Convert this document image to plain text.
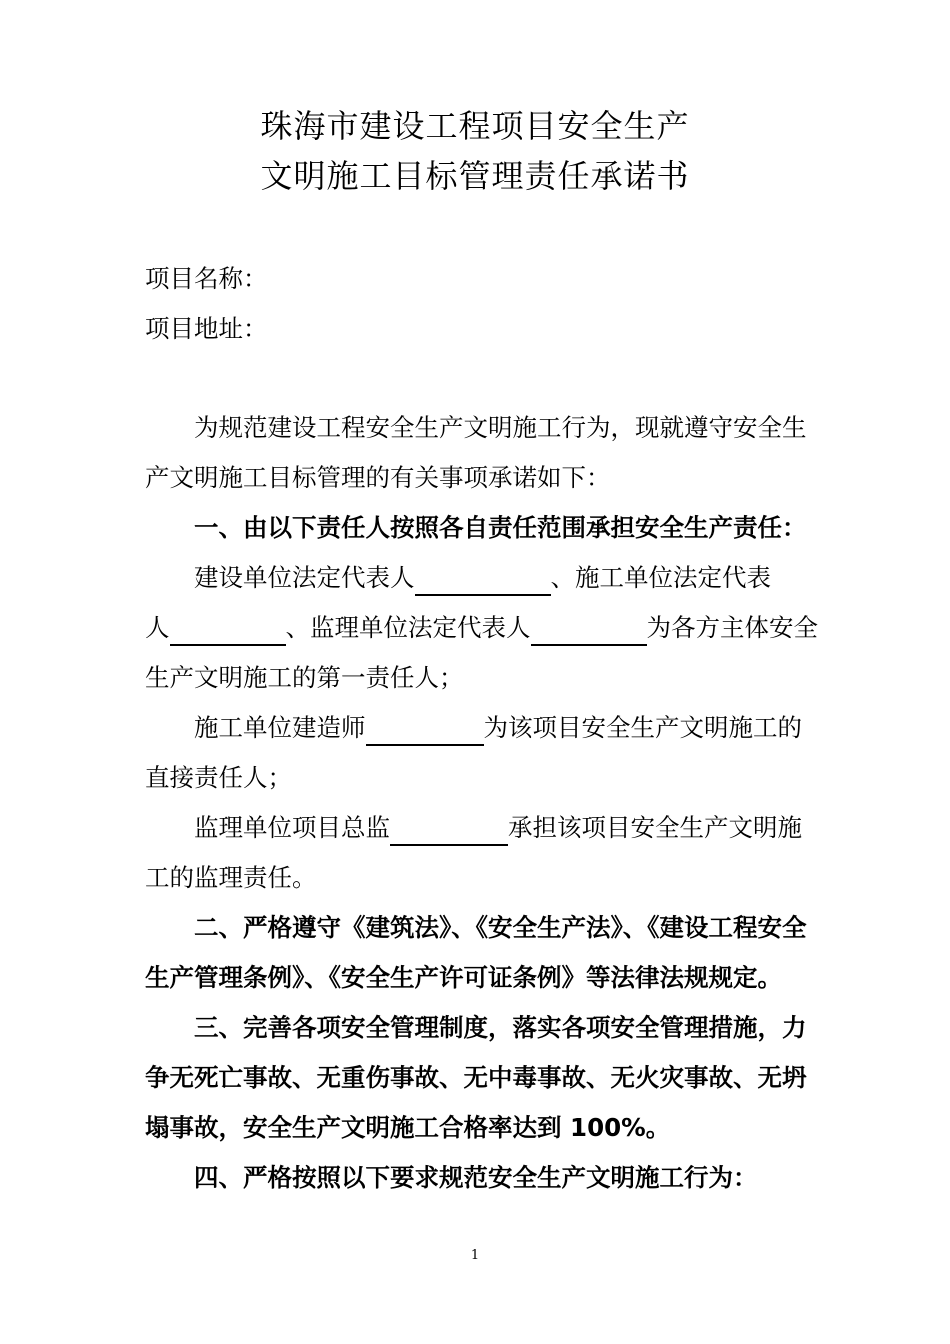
珠海市建设工程项目安全生产
文明施工目标管理责任承诺书
项目名称：
项目地址：
为规范建设工程安全生产文明施工行为，现就遵守安全生
产文明施工目标管理的有关事项承诺如下：
一、由以下责任人按照各自责任范围承担安全生产责任：
建设单位法定代表人	、施工单位法定代表
人	、监理单位法定代表人	为各方主体安全
生产文明施工的第一责任人；
施工单位建造师	为该项目安全生产文明施工的
直接责任人；
监理单位项目总监	承担该项目安全生产文明施
工的监理责任。
二、严格遵守《建筑法》、《安全生产法》、《建设工程安全
生产管理条例》、《安全生产许可证条例》等法律法规规定。
三、完善各项安全管理制度，落实各项安全管理措施，力
争无死亡事故、无重伤事故、无中毒事故、无火灾事故、无坍
塌事故，安全生产文明施工合格率达到 100%。
四、严格按照以下要求规范安全生产文明施工行为：
1
